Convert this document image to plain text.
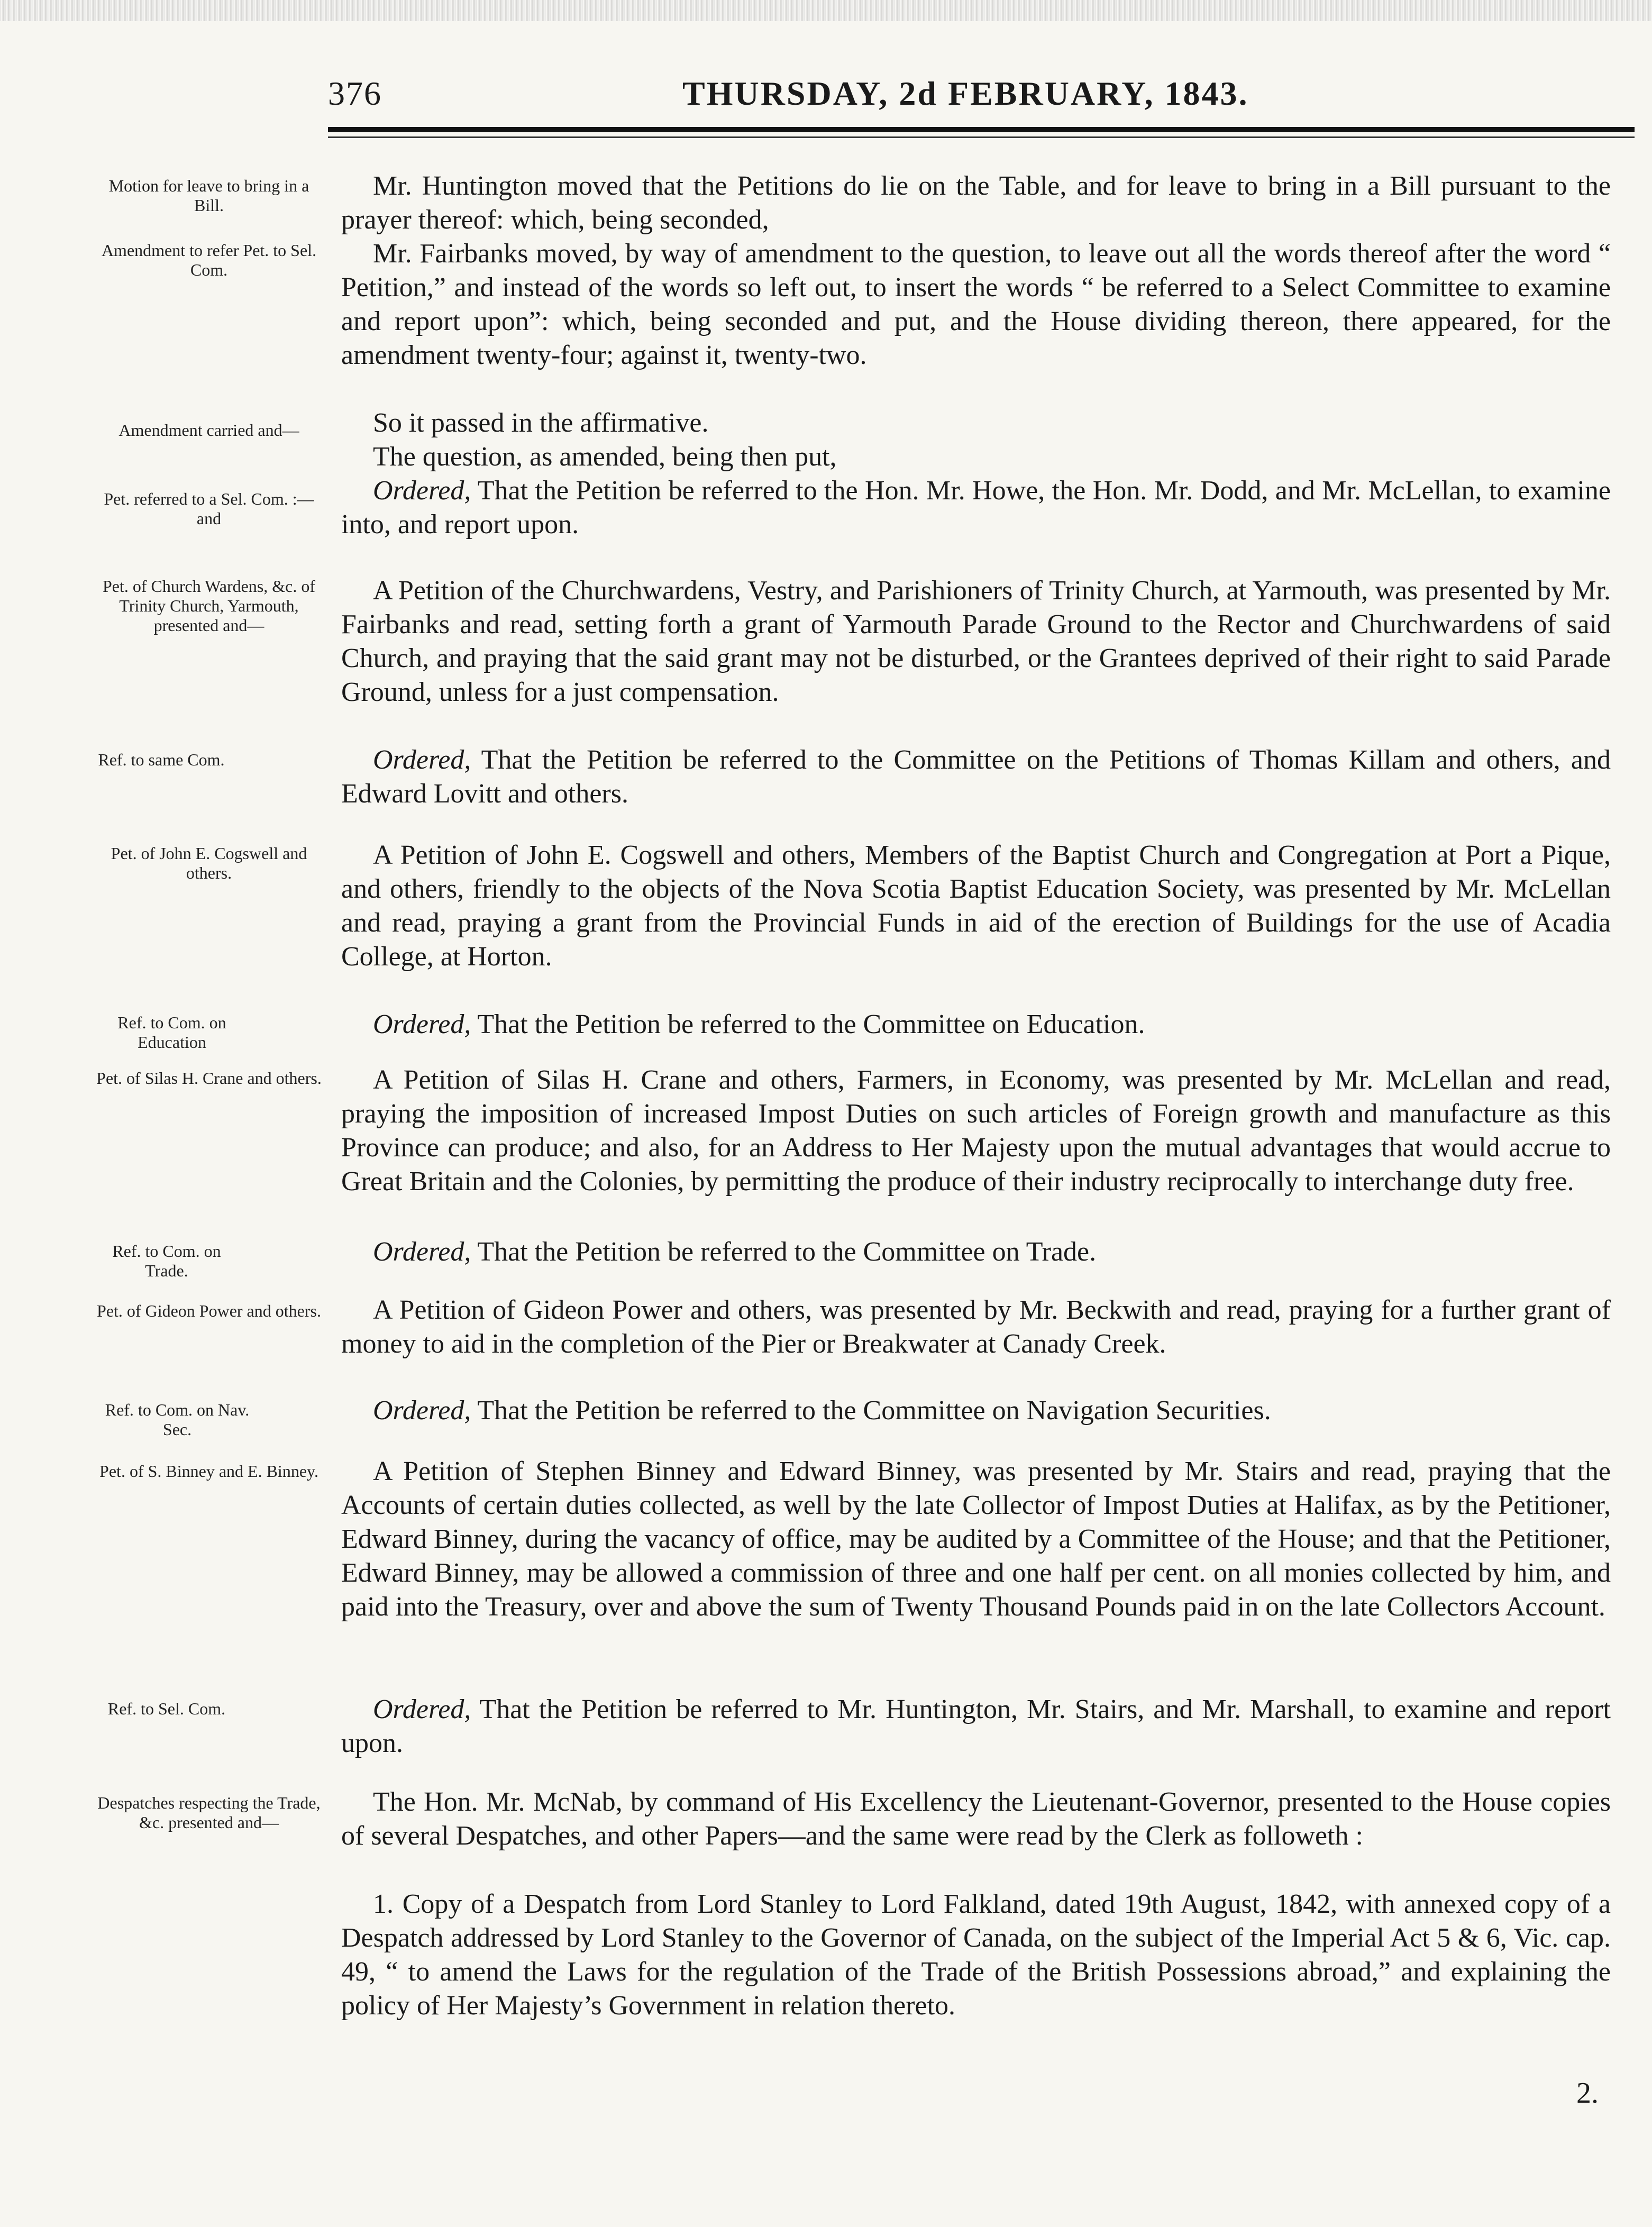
376	THURSDAY, 2d FEBRUARY, 1843.
Motion for leave to bring in a Bill.
Amendment to refer Pet. to Sel. Com.
Amendment carried and—
Pet. referred to a Sel. Com. :—and
Pet. of Church Wardens, &c. of Trinity Church, Yarmouth, presented and—
Ref. to same Com.
Pet. of John E. Cogswell and others.
Ref. to Com. on Education
Pet. of Silas H. Crane and others.
Ref. to Com. on Trade.
Pet. of Gideon Power and others.
Ref. to Com. on Nav. Sec.
Pet. of S. Binney and E. Binney.
Ref. to Sel. Com.
Despatches respecting the Trade, &c. presented and—

Mr. Huntington moved that the Petitions do lie on the Table, and for leave to bring in a Bill pursuant to the prayer thereof: which, being seconded,

Mr. Fairbanks moved, by way of amendment to the question, to leave out all the words thereof after the word “ Petition,” and instead of the words so left out, to insert the words “ be referred to a Select Committee to examine and report upon”: which, being seconded and put, and the House dividing thereon, there appeared, for the amendment twenty-four; against it, twenty-two.

So it passed in the affirmative.

The question, as amended, being then put,

Ordered, That the Petition be referred to the Hon. Mr. Howe, the Hon. Mr. Dodd, and Mr. McLellan, to examine into, and report upon.

A Petition of the Churchwardens, Vestry, and Parishioners of Trinity Church, at Yarmouth, was presented by Mr. Fairbanks and read, setting forth a grant of Yarmouth Parade Ground to the Rector and Churchwardens of said Church, and praying that the said grant may not be disturbed, or the Grantees deprived of their right to said Parade Ground, unless for a just compensation.

Ordered, That the Petition be referred to the Committee on the Petitions of Thomas Killam and others, and Edward Lovitt and others.

A Petition of John E. Cogswell and others, Members of the Baptist Church and Congregation at Port a Pique, and others, friendly to the objects of the Nova Scotia Baptist Education Society, was presented by Mr. McLellan and read, praying a grant from the Provincial Funds in aid of the erection of Buildings for the use of Acadia College, at Horton.

Ordered, That the Petition be referred to the Committee on Education.

A Petition of Silas H. Crane and others, Farmers, in Economy, was presented by Mr. McLellan and read, praying the imposition of increased Impost Duties on such articles of Foreign growth and manufacture as this Province can produce; and also, for an Address to Her Majesty upon the mutual advantages that would accrue to Great Britain and the Colonies, by permitting the produce of their industry reciprocally to interchange duty free.

Ordered, That the Petition be referred to the Committee on Trade.

A Petition of Gideon Power and others, was presented by Mr. Beckwith and read, praying for a further grant of money to aid in the completion of the Pier or Breakwater at Canady Creek.

Ordered, That the Petition be referred to the Committee on Navigation Securities.

A Petition of Stephen Binney and Edward Binney, was presented by Mr. Stairs and read, praying that the Accounts of certain duties collected, as well by the late Collector of Impost Duties at Halifax, as by the Petitioner, Edward Binney, during the vacancy of office, may be audited by a Committee of the House; and that the Petitioner, Edward Binney, may be allowed a commission of three and one half per cent. on all monies collected by him, and paid into the Treasury, over and above the sum of Twenty Thousand Pounds paid in on the late Collectors Account.

Ordered, That the Petition be referred to Mr. Huntington, Mr. Stairs, and Mr. Marshall, to examine and report upon.

The Hon. Mr. McNab, by command of His Excellency the Lieutenant-Governor, presented to the House copies of several Despatches, and other Papers—and the same were read by the Clerk as followeth :

1. Copy of a Despatch from Lord Stanley to Lord Falkland, dated 19th August, 1842, with annexed copy of a Despatch addressed by Lord Stanley to the Governor of Canada, on the subject of the Imperial Act 5 & 6, Vic. cap. 49, “ to amend the Laws for the regulation of the Trade of the British Possessions abroad,” and explaining the policy of Her Majesty’s Government in relation thereto.

2.
